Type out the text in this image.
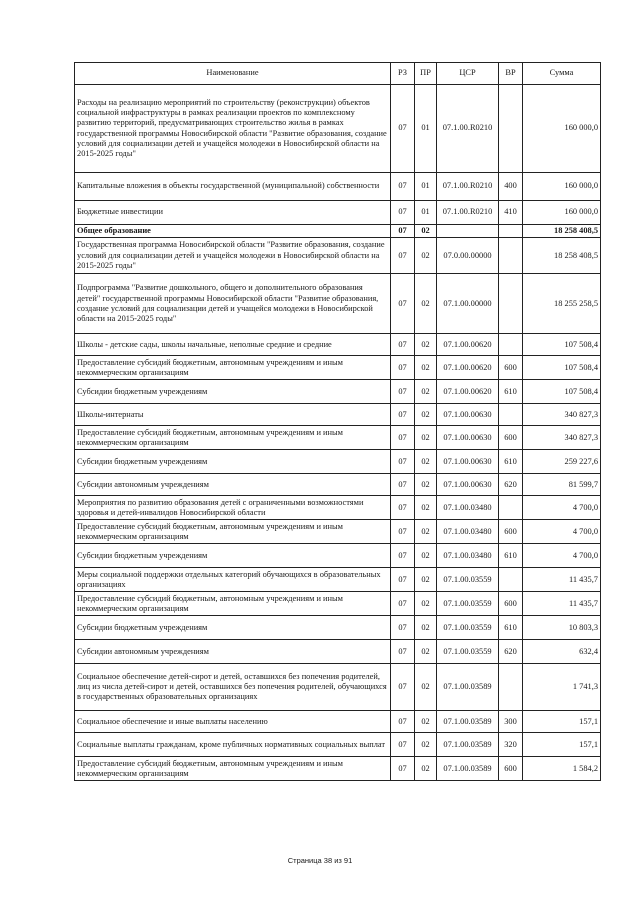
Наименование	РЗ	ПР	ЦСР	ВР	Сумма
Расходы на реализацию мероприятий по строительству (реконструкции) объектов социальной инфраструктуры в рамках реализации проектов по комплексному развитию территорий, предусматривающих строительство жилья в рамках государственной программы Новосибирской области "Развитие образования, создание условий для социализации детей и учащейся молодежи в Новосибирской области на 2015-2025 годы"	07	01	07.1.00.R0210		160 000,0
Капитальные вложения в объекты государственной (муниципальной) собственности	07	01	07.1.00.R0210	400	160 000,0
Бюджетные инвестиции	07	01	07.1.00.R0210	410	160 000,0
Общее образование	07	02			18 258 408,5
Государственная программа Новосибирской области "Развитие образования, создание условий для социализации детей и учащейся молодежи в Новосибирской области на 2015-2025 годы"	07	02	07.0.00.00000		18 258 408,5
Подпрограмма "Развитие дошкольного, общего и дополнительного образования детей" государственной программы Новосибирской области "Развитие образования, создание условий для социализации детей и учащейся молодежи в Новосибирской области на 2015-2025 годы"	07	02	07.1.00.00000		18 255 258,5
Школы - детские сады, школы начальные, неполные средние и средние	07	02	07.1.00.00620		107 508,4
Предоставление субсидий бюджетным, автономным учреждениям и иным некоммерческим организациям	07	02	07.1.00.00620	600	107 508,4
Субсидии бюджетным учреждениям	07	02	07.1.00.00620	610	107 508,4
Школы-интернаты	07	02	07.1.00.00630		340 827,3
Предоставление субсидий бюджетным, автономным учреждениям и иным некоммерческим организациям	07	02	07.1.00.00630	600	340 827,3
Субсидии бюджетным учреждениям	07	02	07.1.00.00630	610	259 227,6
Субсидии автономным учреждениям	07	02	07.1.00.00630	620	81 599,7
Мероприятия по развитию образования детей с ограниченными возможностями здоровья и детей-инвалидов Новосибирской области	07	02	07.1.00.03480		4 700,0
Предоставление субсидий бюджетным, автономным учреждениям и иным некоммерческим организациям	07	02	07.1.00.03480	600	4 700,0
Субсидии бюджетным учреждениям	07	02	07.1.00.03480	610	4 700,0
Меры социальной поддержки отдельных категорий обучающихся в образовательных организациях	07	02	07.1.00.03559		11 435,7
Предоставление субсидий бюджетным, автономным учреждениям и иным некоммерческим организациям	07	02	07.1.00.03559	600	11 435,7
Субсидии бюджетным учреждениям	07	02	07.1.00.03559	610	10 803,3
Субсидии автономным учреждениям	07	02	07.1.00.03559	620	632,4
Социальное обеспечение детей-сирот и детей, оставшихся без попечения родителей, лиц из числа детей-сирот и детей, оставшихся без попечения родителей, обучающихся в государственных образовательных организациях	07	02	07.1.00.03589		1 741,3
Социальное обеспечение и иные выплаты населению	07	02	07.1.00.03589	300	157,1
Социальные выплаты гражданам, кроме публичных нормативных социальных выплат	07	02	07.1.00.03589	320	157,1
Предоставление субсидий бюджетным, автономным учреждениям и иным некоммерческим организациям	07	02	07.1.00.03589	600	1 584,2
Страница 38 из 91
